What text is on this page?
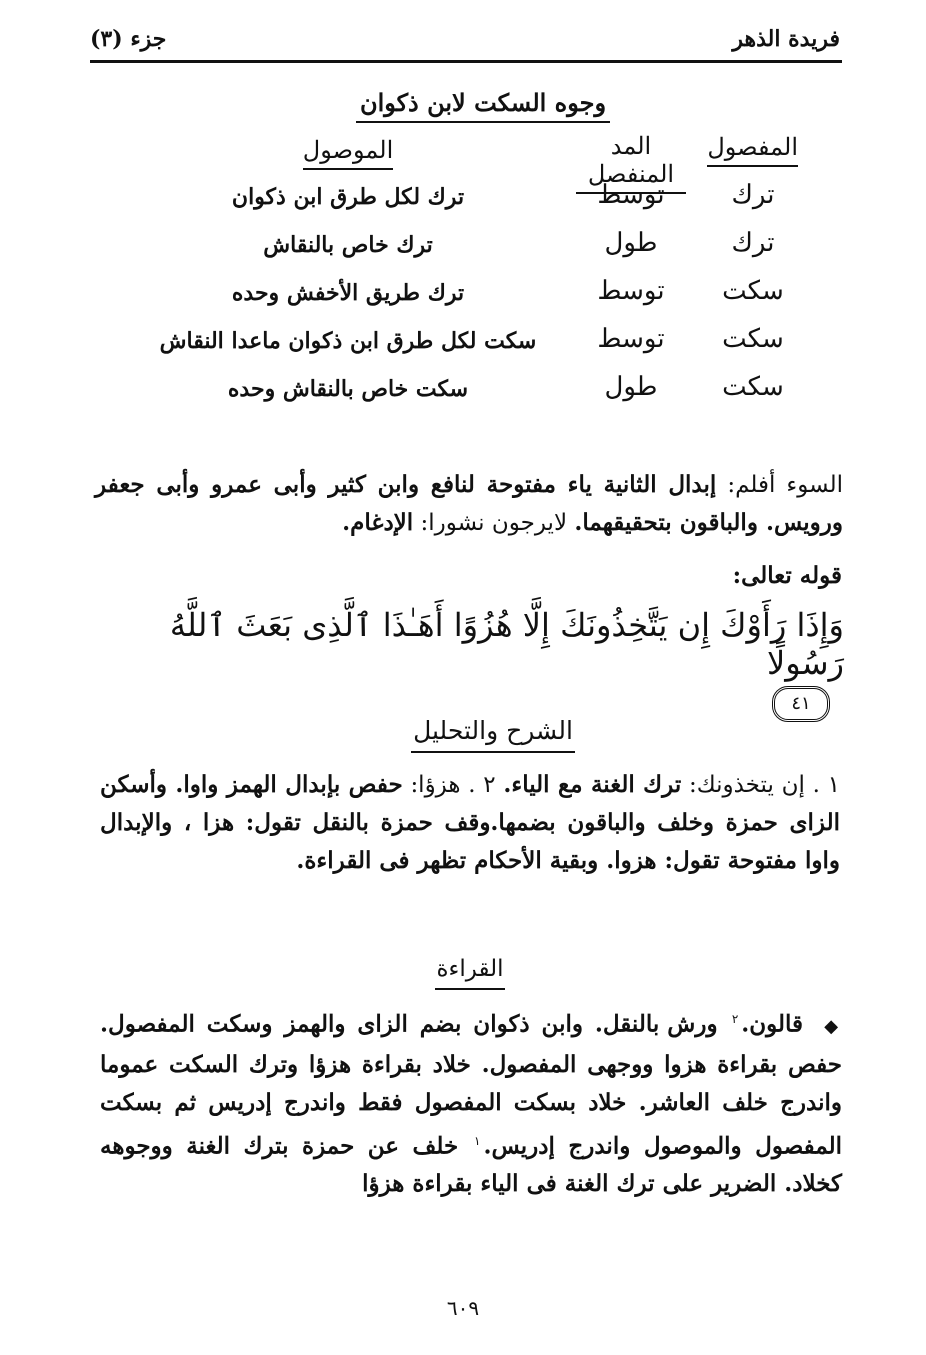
فريدة الذهر
جزء (٣)
وجوه السكت لابن ذكوان
المفصول
المد المنفصل
الموصول
ترك
توسط
ترك لكل طرق ابن ذكوان
ترك
طول
ترك خاص بالنقاش
سكت
توسط
ترك طريق الأخفش وحده
سكت
توسط
سكت لكل طرق ابن ذكوان ماعدا النقاش
سكت
طول
سكت خاص بالنقاش وحده
السوء أفلم: إبدال الثانية ياء مفتوحة لنافع وابن كثير وأبى عمرو وأبى جعفر ورويس. والباقون بتحقيقهما. لايرجون نشورا: الإدغام.
قوله تعالى:
وَإِذَا رَأَوْكَ إِن يَتَّخِذُونَكَ إِلَّا هُزُوًا أَهَـٰذَا ٱلَّذِى بَعَثَ ٱللَّهُ رَسُولًا ٤١
الشرح والتحليل
١ . إن يتخذونك: ترك الغنة مع الياء. ٢ . هزؤا: حفص بإبدال الهمز واوا. وأسكن الزاى حمزة وخلف والباقون بضمها.وقف حمزة بالنقل تقول: هزا ، والإبدال واوا مفتوحة تقول: هزوا. وبقية الأحكام تظهر فى القراءة.
القراءة
◆ قالون.$^٢$ ورش بالنقل. وابن ذكوان بضم الزاى والهمز وسكت المفصول. حفص بقراءة هزوا ووجهى المفصول. خلاد بقراءة هزؤا وترك السكت عموما واندرج خلف العاشر. خلاد بسكت المفصول فقط واندرج إدريس ثم بسكت المفصول والموصول واندرج إدريس.$^١$ خلف عن حمزة بترك الغنة ووجوهه كخلاد. الضرير على ترك الغنة فى الياء بقراءة هزؤا
٦٠٩
